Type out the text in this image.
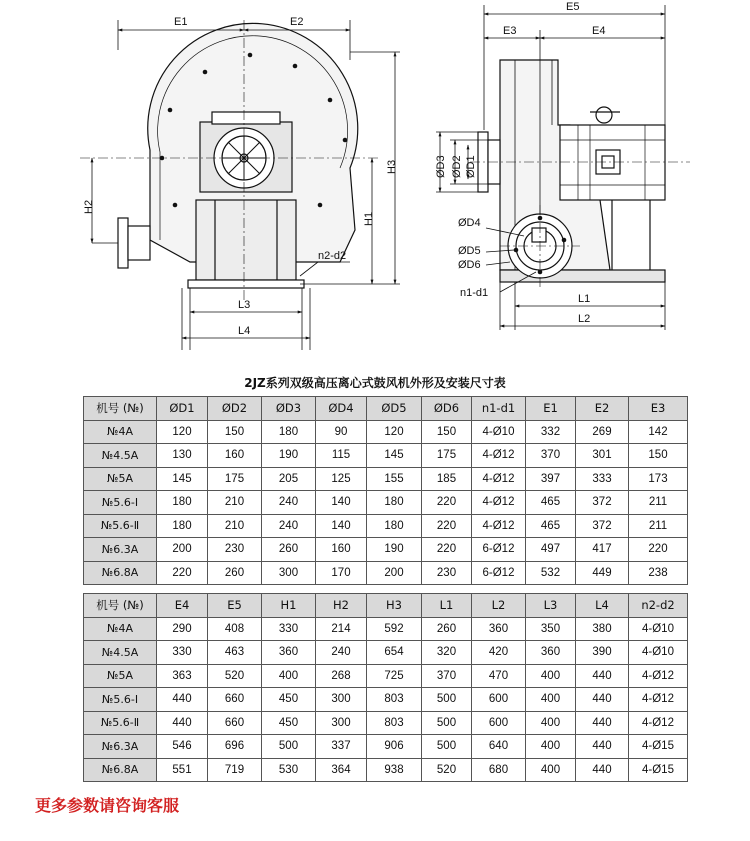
E1	E2
H2
H1
H3
L3
L4
n2-d2
E5
E3	E4
ØD3 ØD2 ØD1
ØD4
ØD5
ØD6
n1-d1	L1
L2
2JZ系列双级高压离心式鼓风机外形及安装尺寸表
机号 (№)	ØD1	ØD2	ØD3	ØD4	ØD5	ØD6	n1-d1	E1	E2	E3
№4A	120	150	180	90	120	150	4-Ø10	332	269	142
№4.5A	130	160	190	115	145	175	4-Ø12	370	301	150
№5A	145	175	205	125	155	185	4-Ø12	397	333	173
№5.6-Ⅰ	180	210	240	140	180	220	4-Ø12	465	372	211
№5.6-Ⅱ	180	210	240	140	180	220	4-Ø12	465	372	211
№6.3A	200	230	260	160	190	220	6-Ø12	497	417	220
№6.8A	220	260	300	170	200	230	6-Ø12	532	449	238
机号 (№)	E4	E5	H1	H2	H3	L1	L2	L3	L4	n2-d2
№4A	290	408	330	214	592	260	360	350	380	4-Ø10
№4.5A	330	463	360	240	654	320	420	360	390	4-Ø10
№5A	363	520	400	268	725	370	470	400	440	4-Ø12
№5.6-Ⅰ	440	660	450	300	803	500	600	400	440	4-Ø12
№5.6-Ⅱ	440	660	450	300	803	500	600	400	440	4-Ø12
№6.3A	546	696	500	337	906	500	640	400	440	4-Ø15
№6.8A	551	719	530	364	938	520	680	400	440	4-Ø15
更多参数请咨询客服
